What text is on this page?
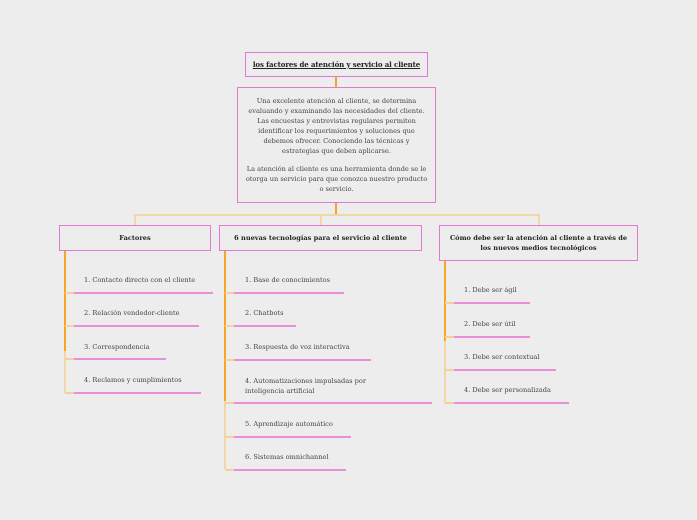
los factores de atención y servicio al cliente

Una excelente atención al cliente, se determina evaluando y examinando las necesidades del cliente. Las encuestas y entrevistas regulares permiten identificar los requerimientos y soluciones que debemos ofrecer. Conociendo las técnicas y estrategias que deben aplicarse.

La atención al cliente es una herramienta donde se le otorga un servicio para que conozca nuestro producto o servicio.

Factores	6 nuevas tecnologías para el servicio al cliente	Cómo debe ser la atención al cliente a través de los nuevos medios tecnológicos
1. Contacto directo con el cliente
2. Relación vendedor-cliente
3. Correspondencia
4. Reclamos y cumplimientos
1. Base de conocimientos
2. Chatbots
3. Respuesta de voz interactiva
4. Automatizaciones impulsadas por
inteligencia artificial
5. Aprendizaje automático
6. Sistemas omnichannel
1. Debe ser ágil
2. Debe ser útil
3. Debe ser contextual
4. Debe ser personalizada
